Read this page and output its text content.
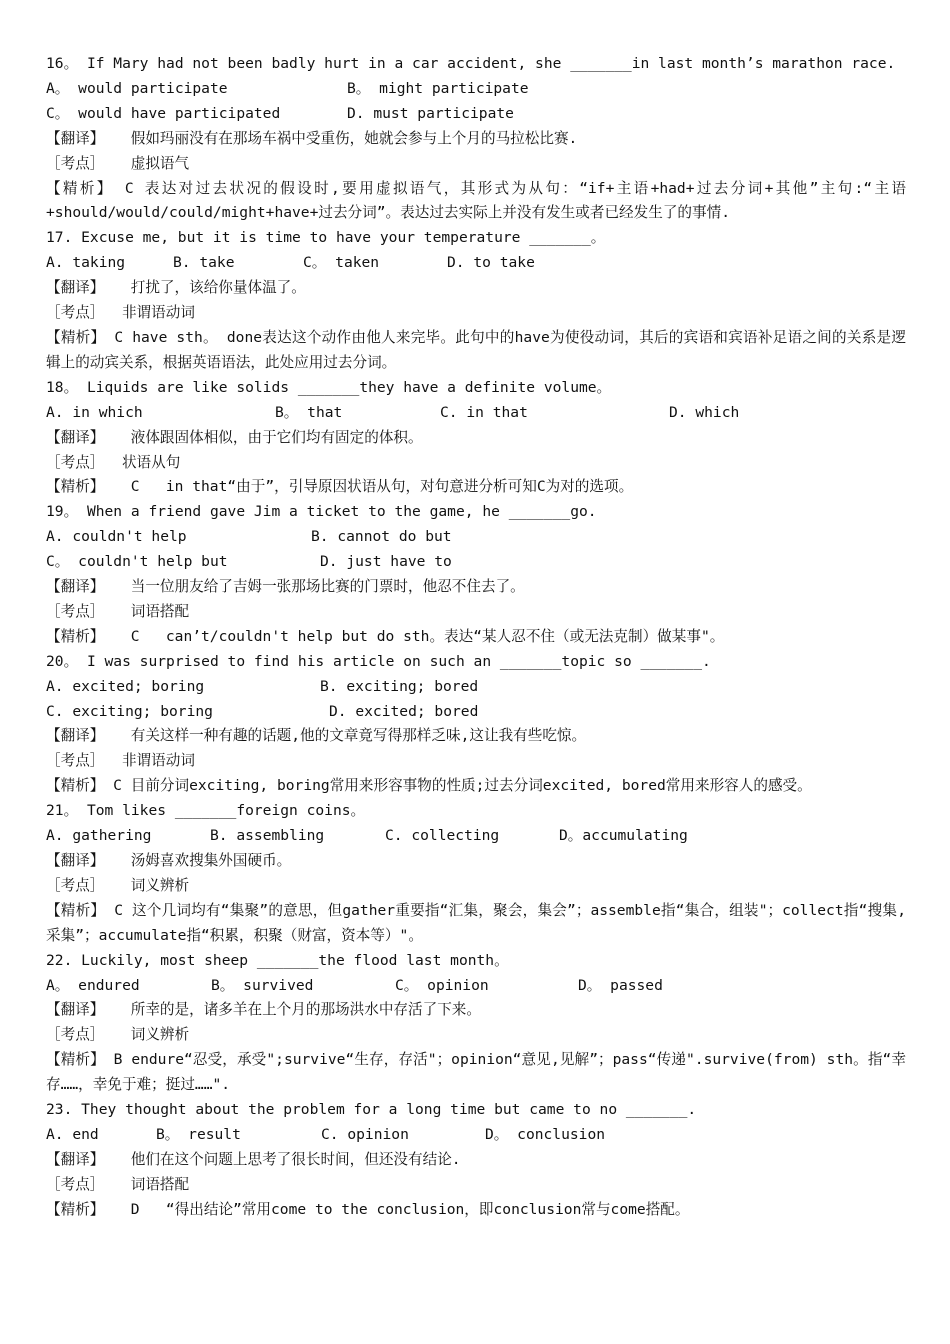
16。 If Mary had not been badly hurt in a car accident, she _______in last month’s marathon race.
A。 would participate	B。 might participate
C。 would have participated	D. must participate
【翻译】   假如玛丽没有在那场车祸中受重伤，她就会参与上个月的马拉松比赛.
［考点］   虚拟语气
【精析】 C 表达对过去状况的假设时,要用虚拟语气，其形式为从句：“if+主语+had+过去分词+其他”主句:“主语+should/would/could/might+have+过去分词”。表达过去实际上并没有发生或者已经发生了的事情.
17. Excuse me, but it is time to have your temperature _______。
A. taking	B. take	C。 taken	D. to take
【翻译】   打扰了，该给你量体温了。
［考点］  非谓语动词
【精析】 C have sth。 done表达这个动作由他人来完毕。此句中的have为使役动词，其后的宾语和宾语补足语之间的关系是逻辑上的动宾关系，根据英语语法，此处应用过去分词。
18。 Liquids are like solids _______they have a definite volume。
A. in which	B。 that	C. in that	D. which
【翻译】   液体跟固体相似，由于它们均有固定的体积。
［考点］  状语从句
【精析】   C   in that“由于”，引导原因状语从句，对句意进分析可知C为对的选项。
19。 When a friend gave Jim a ticket to the game, he _______go.
A. couldn't help	B. cannot do but
C。 couldn't help but	D. just have to
【翻译】   当一位朋友给了吉姆一张那场比赛的门票时，他忍不住去了。
［考点］   词语搭配
【精析】   C   can’t/couldn't help but do sth。表达“某人忍不住（或无法克制）做某事"。
20。 I was surprised to find his article on such an _______topic so _______.
A. excited; boring	B. exciting; bored
C. exciting; boring	D. excited; bored
【翻译】   有关这样一种有趣的话题,他的文章竟写得那样乏味,这让我有些吃惊。
［考点］  非谓语动词
【精析】 C 目前分词exciting, boring常用来形容事物的性质;过去分词excited, bored常用来形容人的感受。
21。 Tom likes _______foreign coins。
A. gathering	B. assembling	C. collecting	D。accumulating
【翻译】   汤姆喜欢搜集外国硬币。
［考点］   词义辨析
【精析】 C 这个几词均有“集聚”的意思，但gather重要指“汇集，聚会，集会”；assemble指“集合，组装"；collect指“搜集,采集”；accumulate指“积累，积聚（财富，资本等）"。
22. Luckily, most sheep _______the flood last month。
A。 endured	B。 survived	C。 opinion	D。 passed
【翻译】   所幸的是，诸多羊在上个月的那场洪水中存活了下来。
［考点］   词义辨析
【精析】 B endure“忍受，承受";survive“生存，存活"；opinion“意见,见解”；pass“传递".survive(from) sth。指“幸存……，幸免于难；挺过……".
23. They thought about the problem for a long time but came to no _______.
A. end	B。 result	C. opinion	D。 conclusion
【翻译】   他们在这个问题上思考了很长时间，但还没有结论.
［考点］   词语搭配
【精析】   D   “得出结论”常用come to the conclusion，即conclusion常与come搭配。
